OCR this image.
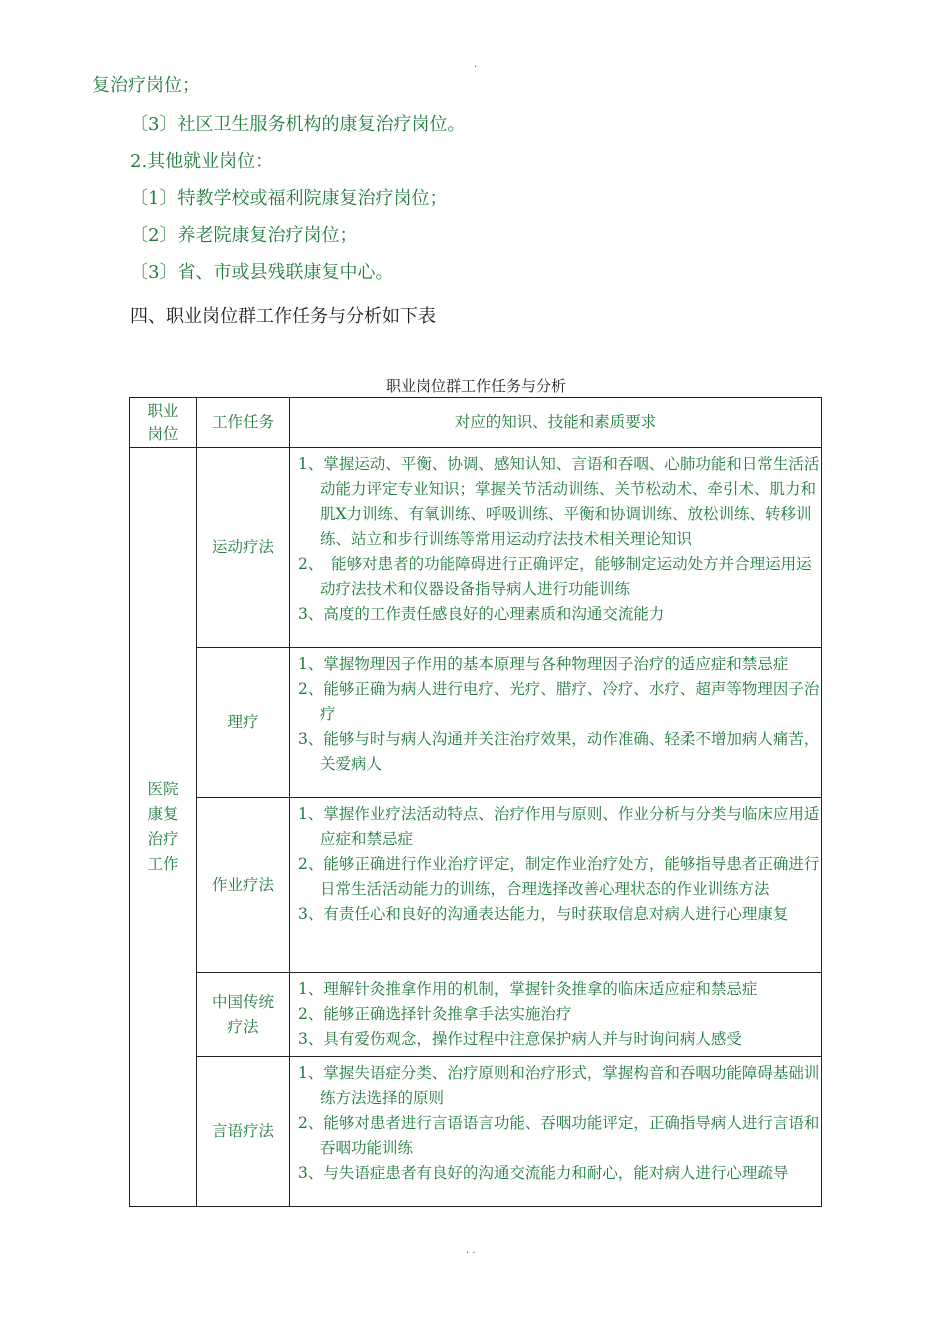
.
复治疗岗位；
〔3〕社区卫生服务机构的康复治疗岗位。
2.其他就业岗位：
〔1〕特教学校或福利院康复治疗岗位；
〔2〕养老院康复治疗岗位；
〔3〕省、市或县残联康复中心。
四、职业岗位群工作任务与分析如下表
职业岗位群工作任务与分析
职业岗位	工作任务	对应的知识、技能和素质要求

医院康复治疗工作	运动疗法	1、掌握运动、平衡、协调、感知认知、言语和吞咽、心肺功能和日常生活活动能力评定专业知识；掌握关节活动训练、关节松动术、牵引术、肌力和肌X力训练、有氧训练、呼吸训练、平衡和协调训练、放松训练、转移训练、站立和步行训练等常用运动疗法技术相关理论知识
2、　能够对患者的功能障碍进行正确评定，能够制定运动处方并合理运用运动疗法技术和仪器设备指导病人进行功能训练
3、高度的工作责任感良好的心理素质和沟通交流能力

	理疗	1、掌握物理因子作用的基本原理与各种物理因子治疗的适应症和禁忌症
2、能够正确为病人进行电疗、光疗、腊疗、冷疗、水疗、超声等物理因子治疗
3、能够与时与病人沟通并关注治疗效果，动作准确、轻柔不增加病人痛苦，关爱病人

	作业疗法	1、掌握作业疗法活动特点、治疗作用与原则、作业分析与分类与临床应用适应症和禁忌症
2、能够正确进行作业治疗评定，制定作业治疗处方，能够指导患者正确进行日常生活活动能力的训练，合理选择改善心理状态的作业训练方法
3、有责任心和良好的沟通表达能力，与时获取信息对病人进行心理康复

	中国传统疗法	1、理解针灸推拿作用的机制，掌握针灸推拿的临床适应症和禁忌症
2、能够正确选择针灸推拿手法实施治疗
3、具有爱伤观念，操作过程中注意保护病人并与时询问病人感受

	言语疗法	1、掌握失语症分类、治疗原则和治疗形式，掌握构音和吞咽功能障碍基础训练方法选择的原则
2、能够对患者进行言语语言功能、吞咽功能评定，正确指导病人进行言语和吞咽功能训练
3、与失语症患者有良好的沟通交流能力和耐心，能对病人进行心理疏导
. .
